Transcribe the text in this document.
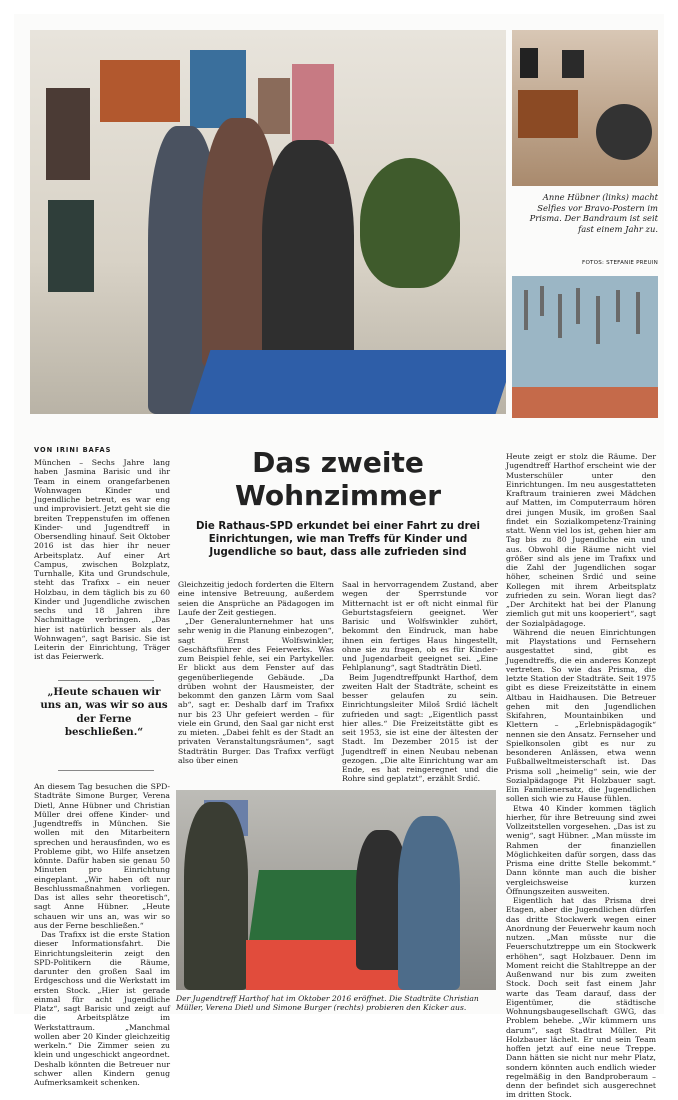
Anne Hübner (links) macht Selfies vor Bravo-Postern im Prisma. Der Bandraum ist seit fast einem Jahr zu.
FOTOS: STEFANIE PREUIN
VON IRINI BAFAS	Das zweite
Wohnzimmer
Die Rathaus-SPD erkundet bei einer Fahrt zu drei Einrichtungen, wie man Treffs für Kinder und Jugendliche so baut, dass alle zufrieden sind

München – Sechs Jahre lang haben Jasmina Barisic und ihr Team in einem orangefarbenen Wohnwagen Kinder und Jugendliche betreut, es war eng und improvisiert. Jetzt geht sie die breiten Treppenstufen im offenen Kinder- und Jugendtreff in Obersendling hinauf. Seit Oktober 2016 ist das hier ihr neuer Arbeitsplatz. Auf einer Art Campus, zwischen Bolzplatz, Turnhalle, Kita und Grundschule, steht das Trafixx – ein neuer Holzbau, in dem täglich bis zu 60 Kinder und Jugendliche zwischen sechs und 18 Jahren ihre Nachmittage verbringen. „Das hier ist natürlich besser als der Wohnwagen“, sagt Barisic. Sie ist Leiterin der Einrichtung, Träger ist das Feierwerk.

„Heute schauen wir uns an, was wir so aus der Ferne beschließen.“

An diesem Tag besuchen die SPD-Stadträte Simone Burger, Verena Dietl, Anne Hübner und Christian Müller drei offene Kinder- und Jugendtreffs in München. Sie wollen mit den Mitarbeitern sprechen und herausfinden, wo es Probleme gibt, wo Hilfe ansetzen könnte. Dafür haben sie genau 50 Minuten pro Einrichtung eingeplant. „Wir haben oft nur Beschlussmaßnahmen vorliegen. Das ist alles sehr theoretisch“, sagt Anne Hübner. „Heute schauen wir uns an, was wir so aus der Ferne beschließen.“

Das Trafixx ist die erste Station dieser Informationsfahrt. Die Einrichtungsleiterin zeigt den SPD-Politikern die Räume, darunter den großen Saal im Erdgeschoss und die Werkstatt im ersten Stock. „Hier ist gerade einmal für acht Jugendliche Platz“, sagt Barisic und zeigt auf die Arbeitsplätze im Werkstattraum. „Manchmal wollen aber 20 Kinder gleichzeitig werkeln.“ Die Zimmer seien zu klein und ungeschickt angeordnet. Deshalb könnten die Betreuer nur schwer allen Kindern genug Aufmerksamkeit schenken.

Gleichzeitig jedoch forderten die Eltern eine intensive Betreuung, außerdem seien die Ansprüche an Pädagogen im Laufe der Zeit gestiegen.

„Der Generalunternehmer hat uns sehr wenig in die Planung einbezogen“, sagt Ernst Wolfswinkler, Geschäftsführer des Feierwerks. Was zum Beispiel fehle, sei ein Partykeller. Er blickt aus dem Fenster auf das gegenüberliegende Gebäude. „Da drüben wohnt der Hausmeister, der bekommt den ganzen Lärm vom Saal ab“, sagt er. Deshalb darf im Trafixx nur bis 23 Uhr gefeiert werden – für viele ein Grund, den Saal gar nicht erst zu mieten. „Dabei fehlt es der Stadt an privaten Veranstaltungsräumen“, sagt Stadträtin Burger. Das Trafixx verfügt also über einen

Saal in hervorragendem Zustand, aber wegen der Sperrstunde vor Mitternacht ist er oft nicht einmal für Geburtstagsfeiern geeignet. Wer Barisic und Wolfswinkler zuhört, bekommt den Eindruck, man habe ihnen ein fertiges Haus hingestellt, ohne sie zu fragen, ob es für Kinder- und Jugendarbeit geeignet sei. „Eine Fehlplanung“, sagt Stadträtin Dietl.

Beim Jugendtreffpunkt Harthof, dem zweiten Halt der Stadträte, scheint es besser gelaufen zu sein. Einrichtungsleiter Miloš Srdić lächelt zufrieden und sagt: „Eigentlich passt hier alles.“ Die Freizeitstätte gibt es seit 1953, sie ist eine der ältesten der Stadt. Im Dezember 2015 ist der Jugendtreff in einen Neubau nebenan gezogen. „Die alte Einrichtung war am Ende, es hat reingeregnet und die Rohre sind geplatzt“, erzählt Srdić.

Der Jugendtreff Harthof hat im Oktober 2016 eröffnet. Die Stadträte Christian Müller, Verena Dietl und Simone Burger (rechts) probieren den Kicker aus.

Heute zeigt er stolz die Räume. Der Jugendtreff Harthof erscheint wie der Musterschüler unter den Einrichtungen. Im neu ausgestatteten Kraftraum trainieren zwei Mädchen auf Matten, im Computerraum hören drei jungen Musik, im großen Saal findet ein Sozialkompetenz-Training statt. Wenn viel los ist, gehen hier am Tag bis zu 80 Jugendliche ein und aus. Obwohl die Räume nicht viel größer sind als jene im Trafixx und die Zahl der Jugendlichen sogar höher, scheinen Srdić und seine Kollegen mit ihrem Arbeitsplatz zufrieden zu sein. Woran liegt das? „Der Architekt hat bei der Planung ziemlich gut mit uns kooperiert“, sagt der Sozialpädagoge.

Während die neuen Einrichtungen mit Playstations und Fernsehern ausgestattet sind, gibt es Jugendtreffs, die ein anderes Konzept vertreten. So wie das Prisma, die letzte Station der Stadträte. Seit 1975 gibt es diese Freizeitstätte in einem Altbau in Haidhausen. Die Betreuer gehen mit den Jugendlichen Skifahren, Mountainbiken und Klettern – „Erlebnispädagogik“ nennen sie den Ansatz. Fernseher und Spielkonsolen gibt es nur zu besonderen Anlässen, etwa wenn Fußballweltmeisterschaft ist. Das Prisma soll „heimelig“ sein, wie der Sozialpädagoge Pit Holzbauer sagt. Ein Familienersatz, die Jugendlichen sollen sich wie zu Hause fühlen.

Etwa 40 Kinder kommen täglich hierher, für ihre Betreuung sind zwei Vollzeitstellen vorgesehen. „Das ist zu wenig“, sagt Hübner. „Man müsste im Rahmen der finanziellen Möglichkeiten dafür sorgen, dass das Prisma eine dritte Stelle bekommt.“ Dann könnte man auch die bisher vergleichsweise kurzen Öffnungszeiten ausweiten.

Eigentlich hat das Prisma drei Etagen, aber die Jugendlichen dürfen das dritte Stockwerk wegen einer Anordnung der Feuerwehr kaum noch nutzen. „Man müsste nur die Feuerschutztreppe um ein Stockwerk erhöhen“, sagt Holzbauer. Denn im Moment reicht die Stahltreppe an der Außenwand nur bis zum zweiten Stock. Doch seit fast einem Jahr warte das Team darauf, dass der Eigentümer, die städtische Wohnungsbaugesellschaft GWG, das Problem behebe. „Wir kümmern uns darum“, sagt Stadtrat Müller. Pit Holzbauer lächelt. Er und sein Team hoffen jetzt auf eine neue Treppe. Dann hätten sie nicht nur mehr Platz, sondern könnten auch endlich wieder regelmäßig in den Bandproberaum – denn der befindet sich ausgerechnet im dritten Stock.
